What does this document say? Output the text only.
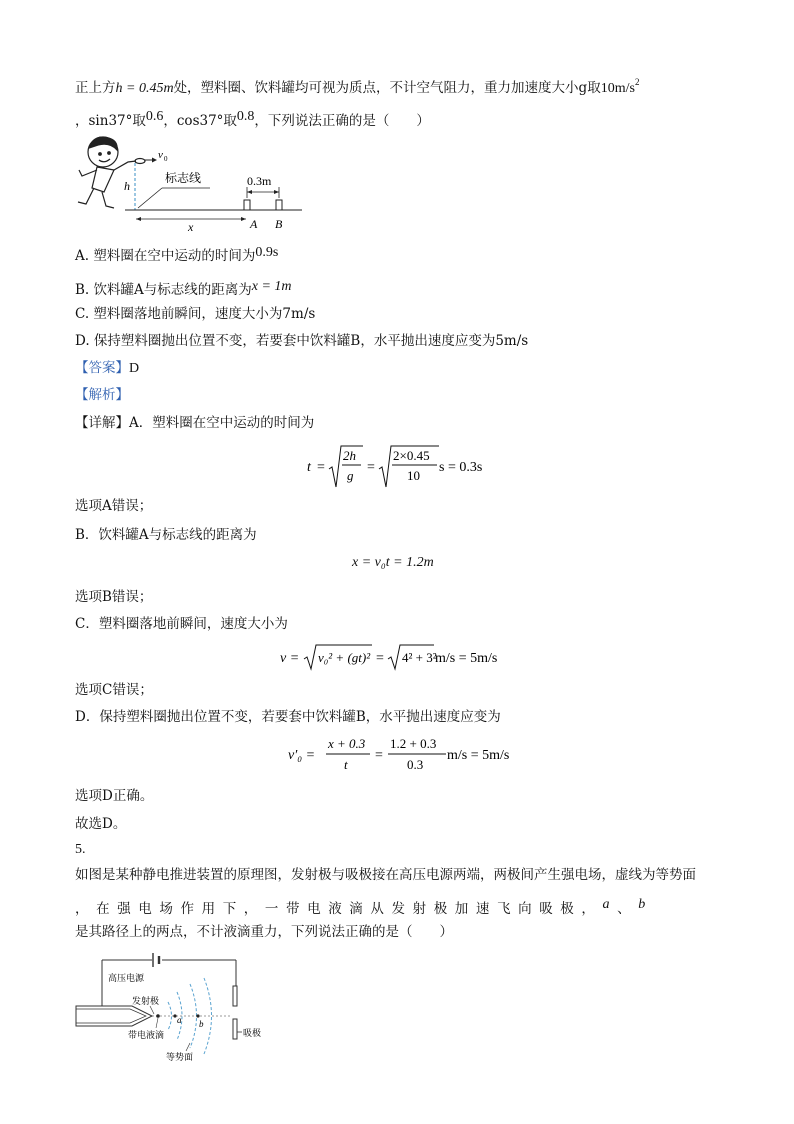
正上方h = 0.45m处，塑料圈、饮料罐均可视为质点，不计空气阻力，重力加速度大小g取$10m/s^2$
，sin37°取0.6，cos37°取0.8，下列说法正确的是（　　）
v 0
h
标志线
x	A B
0.3m
A. 塑料圈在空中运动的时间为0.9s
B. 饮料罐A与标志线的距离为x = 1m
C. 塑料圈落地前瞬间，速度大小为7m/s
D. 保持塑料圈抛出位置不变，若要套中饮料罐B，水平抛出速度应变为5m/s
【答案】D
【解析】
【详解】A．塑料圈在空中运动的时间为
t =
2h
g
=
2×0.45
10
s = 0.3s
选项A错误；
B．饮料罐A与标志线的距离为
x = v₀t = 1.2m
选项B错误；
C．塑料圈落地前瞬间，速度大小为
v = v₀² + (gt)² = 4² + 3²
m/s = 5m/s
选项C错误；
D．保持塑料圈抛出位置不变，若要套中饮料罐B，水平抛出速度应变为
v′₀ =
x + 0.3
t
=
1.2 + 0.3
0.3
m/s = 5m/s
选项D正确。
故选D。
5.
如图是某种静电推进装置的原理图，发射极与吸极接在高压电源两端，两极间产生强电场，虚线为等势面
，在强电场作用下，一带电液滴从发射极加速飞向吸极，a、b
是其路径上的两点，不计液滴重力，下列说法正确的是（　　）
高压电源
吸极
发射极
a b
带电液滴
等势面
